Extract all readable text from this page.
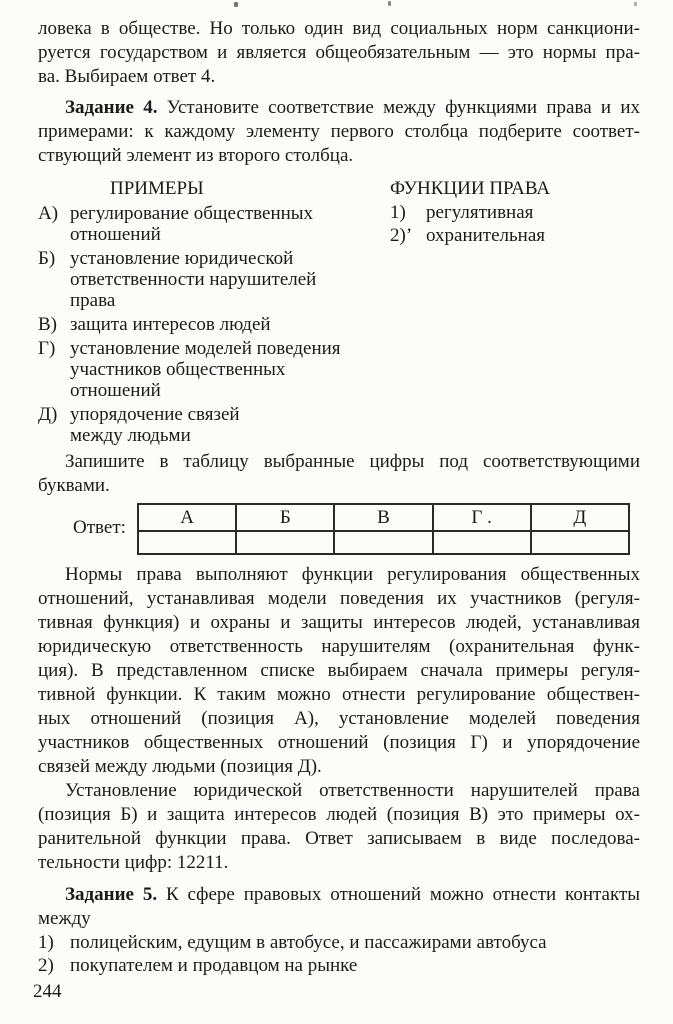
ловека в обществе. Но только один вид социальных норм санкциони-
руется государством и является общеобязательным — это нормы пра-
ва. Выбираем ответ 4.
Задание 4. Установите соответствие между функциями права и их
примерами: к каждому элементу первого столбца подберите соответ-
ствующий элемент из второго столбца.
ПРИМЕРЫ
А) регулирование общественных
отношений
Б) установление юридической
ответственности нарушителей
права
В) защита интересов людей
Г) установление моделей поведения
участников общественных
отношений
Д) упорядочение связей
между людьми
ФУНКЦИИ ПРАВА
1)	регулятивная
2)’ охранительная
Запишите в таблицу выбранные цифры под соответствующими
буквами.
Ответ:	А	Б	В	Г .	Д

Нормы права выполняют функции регулирования общественных
отношений, устанавливая модели поведения их участников (регуля-
тивная функция) и охраны и защиты интересов людей, устанавливая
юридическую ответственность нарушителям (охранительная функ-
ция). В представленном списке выбираем сначала примеры регуля-
тивной функции. К таким можно отнести регулирование обществен-
ных отношений (позиция А), установление моделей поведения
участников общественных отношений (позиция Г) и упорядочение
связей между людьми (позиция Д).
Установление юридической ответственности нарушителей права
(позиция Б) и защита интересов людей (позиция В) это примеры ох-
ранительной функции права. Ответ записываем в виде последова-
тельности цифр: 12211.
Задание 5. К сфере правовых отношений можно отнести контакты
между
1) полицейским, едущим в автобусе, и пассажирами автобуса
2) покупателем и продавцом на рынке
244
